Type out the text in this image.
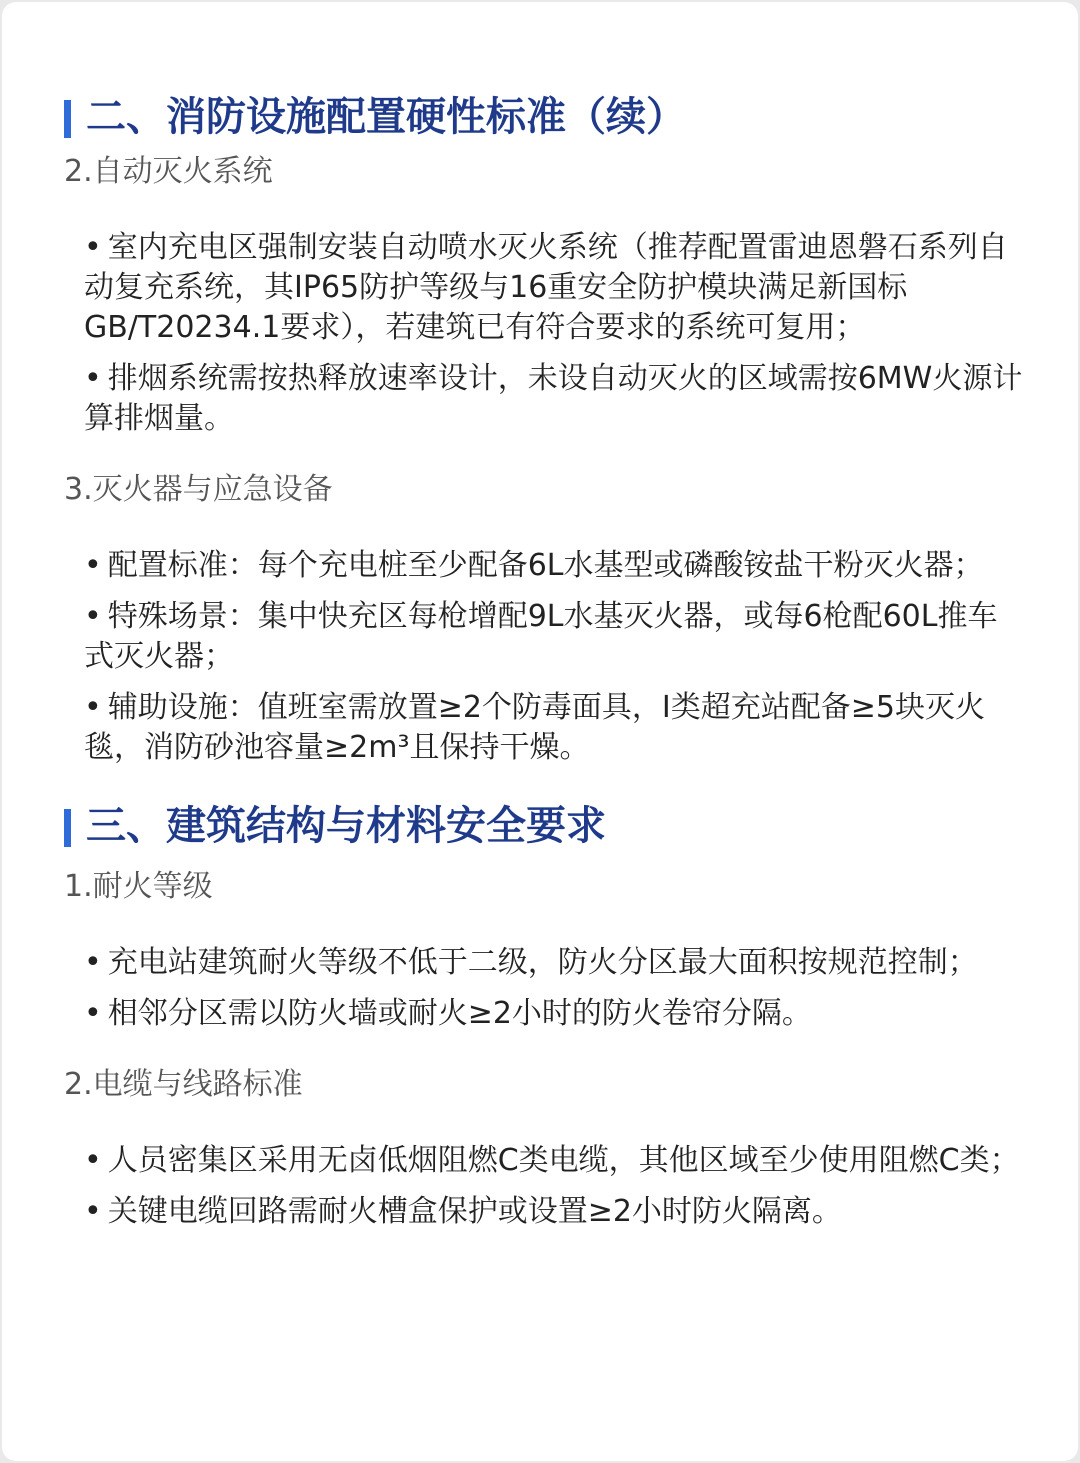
二、消防设施配置硬性标准（续）

2.自动灭火系统

• 室内充电区强制安装自动喷水灭火系统（推荐配置雷迪恩磐石系列自动复充系统，其IP65防护等级与16重安全防护模块满足新国标GB/T20234.1要求），若建筑已有符合要求的系统可复用；
• 排烟系统需按热释放速率设计，未设自动灭火的区域需按6MW火源计算排烟量。

3.灭火器与应急设备

• 配置标准：每个充电桩至少配备6L水基型或磷酸铵盐干粉灭火器；
• 特殊场景：集中快充区每枪增配9L水基灭火器，或每6枪配60L推车式灭火器；
• 辅助设施：值班室需放置≥2个防毒面具，Ⅰ类超充站配备≥5块灭火毯，消防砂池容量≥2m³且保持干燥。
三、建筑结构与材料安全要求

1.耐火等级

• 充电站建筑耐火等级不低于二级，防火分区最大面积按规范控制；
• 相邻分区需以防火墙或耐火≥2小时的防火卷帘分隔。

2.电缆与线路标准

• 人员密集区采用无卤低烟阻燃C类电缆，其他区域至少使用阻燃C类；
• 关键电缆回路需耐火槽盒保护或设置≥2小时防火隔离。
